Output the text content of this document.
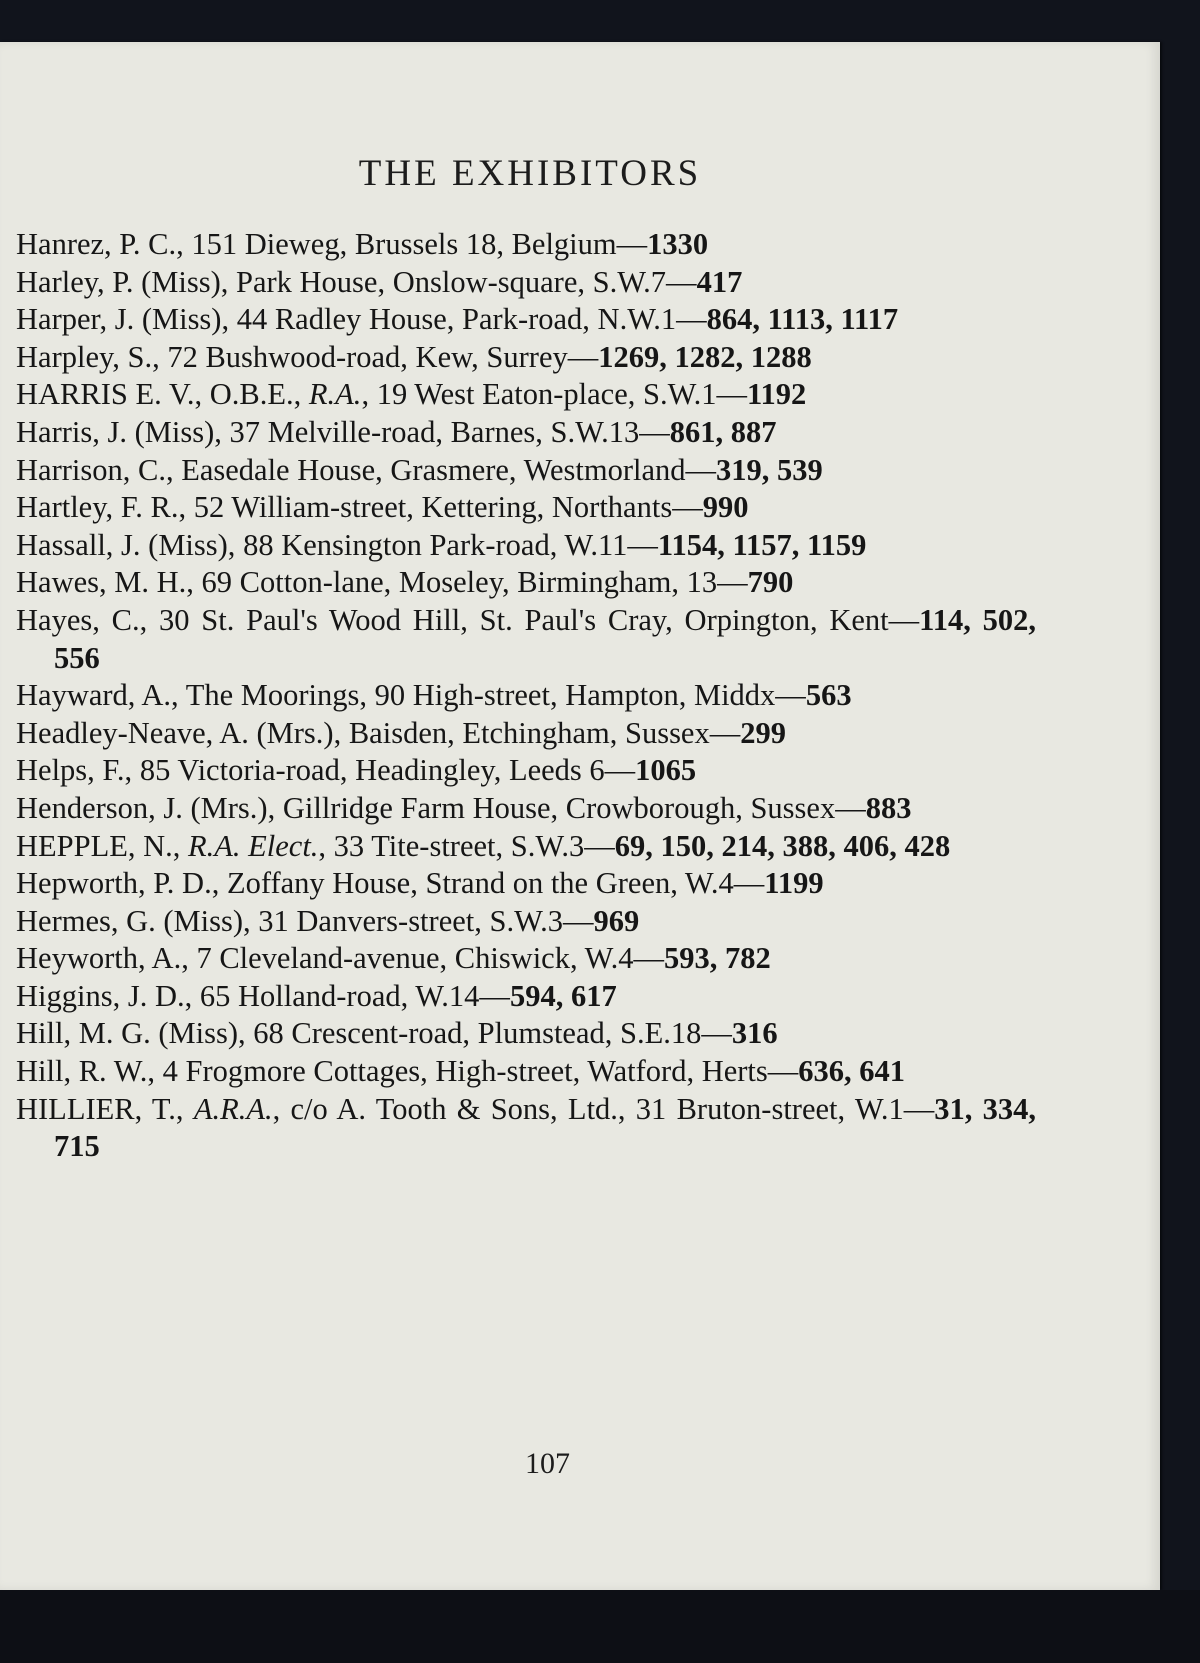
THE EXHIBITORS
Hanrez, P. C., 151 Dieweg, Brussels 18, Belgium—1330
Harley, P. (Miss), Park House, Onslow-square, S.W.7—417
Harper, J. (Miss), 44 Radley House, Park-road, N.W.1—864, 1113, 1117
Harpley, S., 72 Bushwood-road, Kew, Surrey—1269, 1282, 1288
HARRIS E. V., O.B.E., R.A., 19 West Eaton-place, S.W.1—1192
Harris, J. (Miss), 37 Melville-road, Barnes, S.W.13—861, 887
Harrison, C., Easedale House, Grasmere, Westmorland—319, 539
Hartley, F. R., 52 William-street, Kettering, Northants—990
Hassall, J. (Miss), 88 Kensington Park-road, W.11—1154, 1157, 1159
Hawes, M. H., 69 Cotton-lane, Moseley, Birmingham, 13—790
Hayes, C., 30 St. Paul's Wood Hill, St. Paul's Cray, Orpington, Kent—114, 502, 556
Hayward, A., The Moorings, 90 High-street, Hampton, Middx—563
Headley-Neave, A. (Mrs.), Baisden, Etchingham, Sussex—299
Helps, F., 85 Victoria-road, Headingley, Leeds 6—1065
Henderson, J. (Mrs.), Gillridge Farm House, Crowborough, Sussex—883
HEPPLE, N., R.A. Elect., 33 Tite-street, S.W.3—69, 150, 214, 388, 406, 428
Hepworth, P. D., Zoffany House, Strand on the Green, W.4—1199
Hermes, G. (Miss), 31 Danvers-street, S.W.3—969
Heyworth, A., 7 Cleveland-avenue, Chiswick, W.4—593, 782
Higgins, J. D., 65 Holland-road, W.14—594, 617
Hill, M. G. (Miss), 68 Crescent-road, Plumstead, S.E.18—316
Hill, R. W., 4 Frogmore Cottages, High-street, Watford, Herts—636, 641
HILLIER, T., A.R.A., c/o A. Tooth & Sons, Ltd., 31 Bruton-street, W.1—31, 334, 715
107
